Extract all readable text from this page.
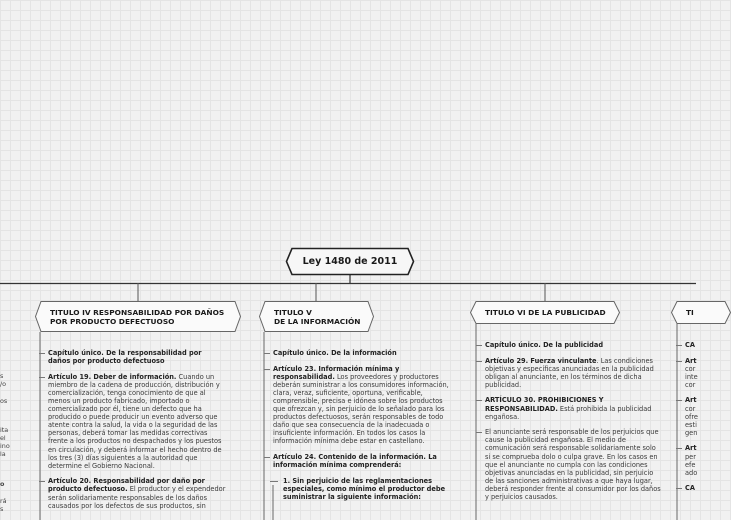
Ley 1480 de 2011
TITULO IV RESPONSABILIDAD POR DAÑOS
POR PRODUCTO DEFECTUOSO
TITULO V
DE LA INFORMACIÓN
TITULO VI DE LA PUBLICIDAD	TI
Capítulo único. De la responsabilidad por daños por producto defectuoso
Artículo 19. Deber de información. Cuando un miembro de la cadena de producción, distribución y comercialización, tenga conocimiento de que al menos un producto fabricado, importado o comercializado por él, tiene un defecto que ha producido o puede producir un evento adverso que atente contra la salud, la vida o la seguridad de las personas, deberá tomar las medidas correctivas frente a los productos no despachados y los puestos en circulación, y deberá informar el hecho dentro de los tres (3) días siguientes a la autoridad que determine el Gobierno Nacional.
Artículo 20. Responsabilidad por daño por producto defectuoso. El productor y el expendedor serán solidariamente responsables de los daños causados por los defectos de sus productos, sin
Capítulo único. De la información
Artículo 23. Información mínima y responsabilidad. Los proveedores y productores deberán suministrar a los consumidores información, clara, veraz, suficiente, oportuna, verificable, comprensible, precisa e idónea sobre los productos que ofrezcan y, sin perjuicio de lo señalado para los productos defectuosos, serán responsables de todo daño que sea consecuencia de la inadecuada o insuficiente información. En todos los casos la información mínima debe estar en castellano.
Artículo 24. Contenido de la información. La información mínima comprenderá:
1. Sin perjuicio de las reglamentaciones especiales, como mínimo el productor debe suministrar la siguiente información:
Capítulo único. De la publicidad
Artículo 29. Fuerza vinculante. Las condiciones objetivas y específicas anunciadas en la publicidad obligan al anunciante, en los términos de dicha publicidad.
ARTÍCULO 30. PROHIBICIONES Y RESPONSABILIDAD. Está prohibida la publicidad engañosa.
El anunciante será responsable de los perjuicios que cause la publicidad engañosa. El medio de comunicación será responsable solidariamente solo si se comprueba dolo o culpa grave. En los casos en que el anunciante no cumpla con las condiciones objetivas anunciadas en la publicidad, sin perjuicio de las sanciones administrativas a que haya lugar, deberá responder frente al consumidor por los daños y perjuicios causados.
CA
Art
cor
inte
cor
Art
cor
ofre
esti
gen
Art
per
efe
ado
CA
s
/o
os
ita
el
ino
la
o
rá
s
